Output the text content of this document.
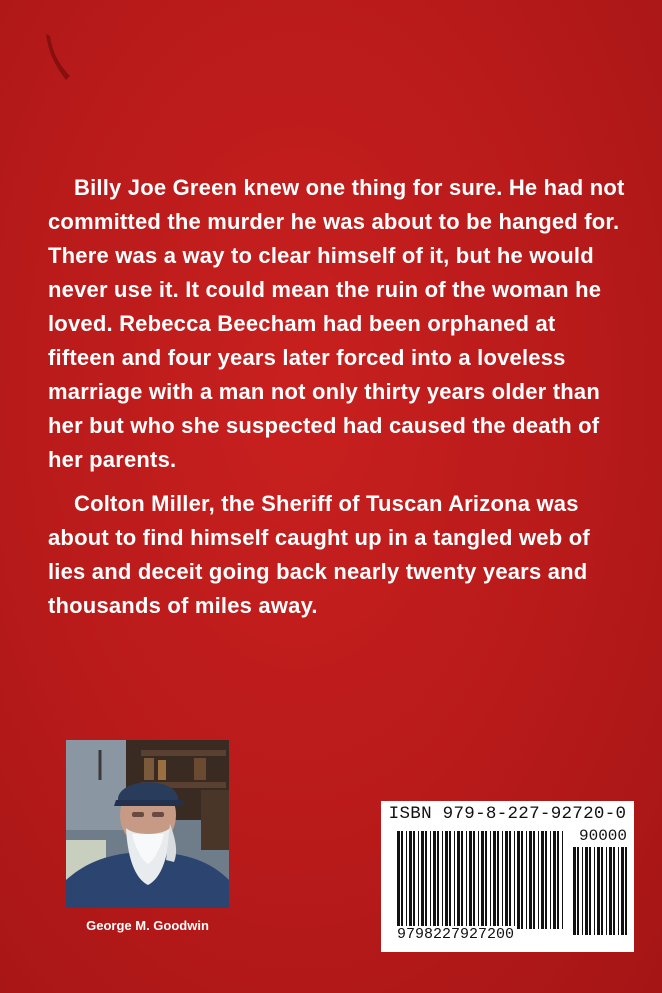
Billy Joe Green knew one thing for sure. He had not committed the murder he was about to be hanged for. There was a way to clear himself of it, but he would never use it. It could mean the ruin of the woman he loved. Rebecca Beecham had been orphaned at fifteen and four years later forced into a loveless marriage with a man not only thirty years older than her but who she suspected had caused the death of her parents.

Colton Miller, the Sheriff of Tuscan Arizona was about to find himself caught up in a tangled web of lies and deceit going back nearly twenty years and thousands of miles away.

George M. Goodwin
ISBN 979-8-227-92720-0
90000
9798227927200
